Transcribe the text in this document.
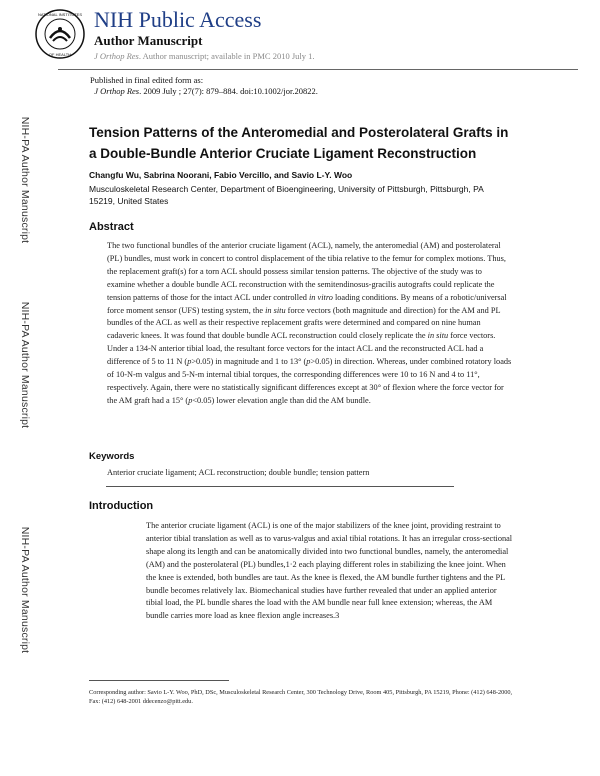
NATIONAL INSTITUTES
OF HEALTH
NIH Public Access
Author Manuscript
J Orthop Res. Author manuscript; available in PMC 2010 July 1.
Published in final edited form as:
J Orthop Res. 2009 July ; 27(7): 879–884. doi:10.1002/jor.20822.
NIH-PA Author Manuscript
NIH-PA Author Manuscript
NIH-PA Author Manuscript
Tension Patterns of the Anteromedial and Posterolateral Grafts in a Double-Bundle Anterior Cruciate Ligament Reconstruction
Changfu Wu, Sabrina Noorani, Fabio Vercillo, and Savio L-Y. Woo
Musculoskeletal Research Center, Department of Bioengineering, University of Pittsburgh, Pittsburgh, PA 15219, United States
Abstract
The two functional bundles of the anterior cruciate ligament (ACL), namely, the anteromedial (AM) and posterolateral (PL) bundles, must work in concert to control displacement of the tibia relative to the femur for complex motions. Thus, the replacement graft(s) for a torn ACL should possess similar tension patterns. The objective of the study was to examine whether a double bundle ACL reconstruction with the semitendinosus-gracilis autografts could replicate the tension patterns of those for the intact ACL under controlled in vitro loading conditions. By means of a robotic/universal force moment sensor (UFS) testing system, the in situ force vectors (both magnitude and direction) for the AM and PL bundles of the ACL as well as their respective replacement grafts were determined and compared on nine human cadaveric knees. It was found that double bundle ACL reconstruction could closely replicate the in situ force vectors. Under a 134-N anterior tibial load, the resultant force vectors for the intact ACL and the reconstructed ACL had a difference of 5 to 11 N (p>0.05) in magnitude and 1 to 13° (p>0.05) in direction. Whereas, under combined rotatory loads of 10-N-m valgus and 5-N-m internal tibial torques, the corresponding differences were 10 to 16 N and 4 to 11°, respectively. Again, there were no statistically significant differences except at 30° of flexion where the force vector for the AM graft had a 15° (p<0.05) lower elevation angle than did the AM bundle.
Keywords
Anterior cruciate ligament; ACL reconstruction; double bundle; tension pattern
Introduction
The anterior cruciate ligament (ACL) is one of the major stabilizers of the knee joint, providing restraint to anterior tibial translation as well as to varus-valgus and axial tibial rotations. It has an irregular cross-sectional shape along its length and can be anatomically divided into two functional bundles, namely, the anteromedial (AM) and the posterolateral (PL) bundles,1·2 each playing different roles in stabilizing the knee joint. When the knee is extended, both bundles are taut. As the knee is flexed, the AM bundle further tightens and the PL bundle becomes relatively lax. Biomechanical studies have further revealed that under an applied anterior tibial load, the PL bundle shares the load with the AM bundle near full knee extension; whereas, the AM bundle carries more load as knee flexion angle increases.3
Corresponding author: Savio L-Y. Woo, PhD, DSc, Musculoskeletal Research Center, 300 Technology Drive, Room 405, Pittsburgh, PA 15219, Phone: (412) 648-2000, Fax: (412) 648-2001 ddecenzo@pitt.edu.
